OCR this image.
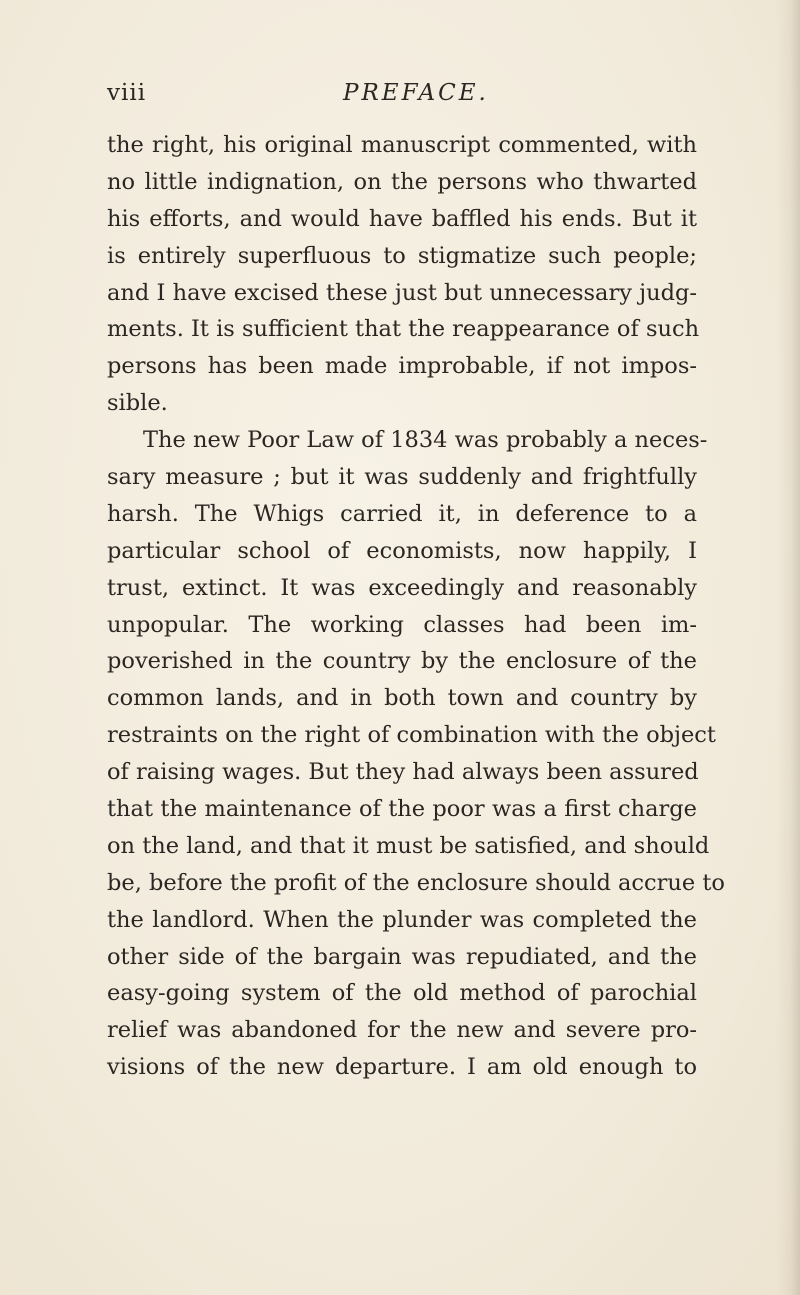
viii	PREFACE.
the right, his original manuscript commented, with
no little indignation, on the persons who thwarted
his efforts, and would have baffled his ends. But it
is entirely superfluous to stigmatize such people;
and I have excised these just but unnecessary judg-
ments. It is sufficient that the reappearance of such
persons has been made improbable, if not impos-
sible.
The new Poor Law of 1834 was probably a neces-
sary measure ; but it was suddenly and frightfully
harsh. The Whigs carried it, in deference to a
particular school of economists, now happily, I
trust, extinct. It was exceedingly and reasonably
unpopular. The working classes had been im-
poverished in the country by the enclosure of the
common lands, and in both town and country by
restraints on the right of combination with the object
of raising wages. But they had always been assured
that the maintenance of the poor was a first charge
on the land, and that it must be satisfied, and should
be, before the profit of the enclosure should accrue to
the landlord. When the plunder was completed the
other side of the bargain was repudiated, and the
easy-going system of the old method of parochial
relief was abandoned for the new and severe pro-
visions of the new departure. I am old enough to
